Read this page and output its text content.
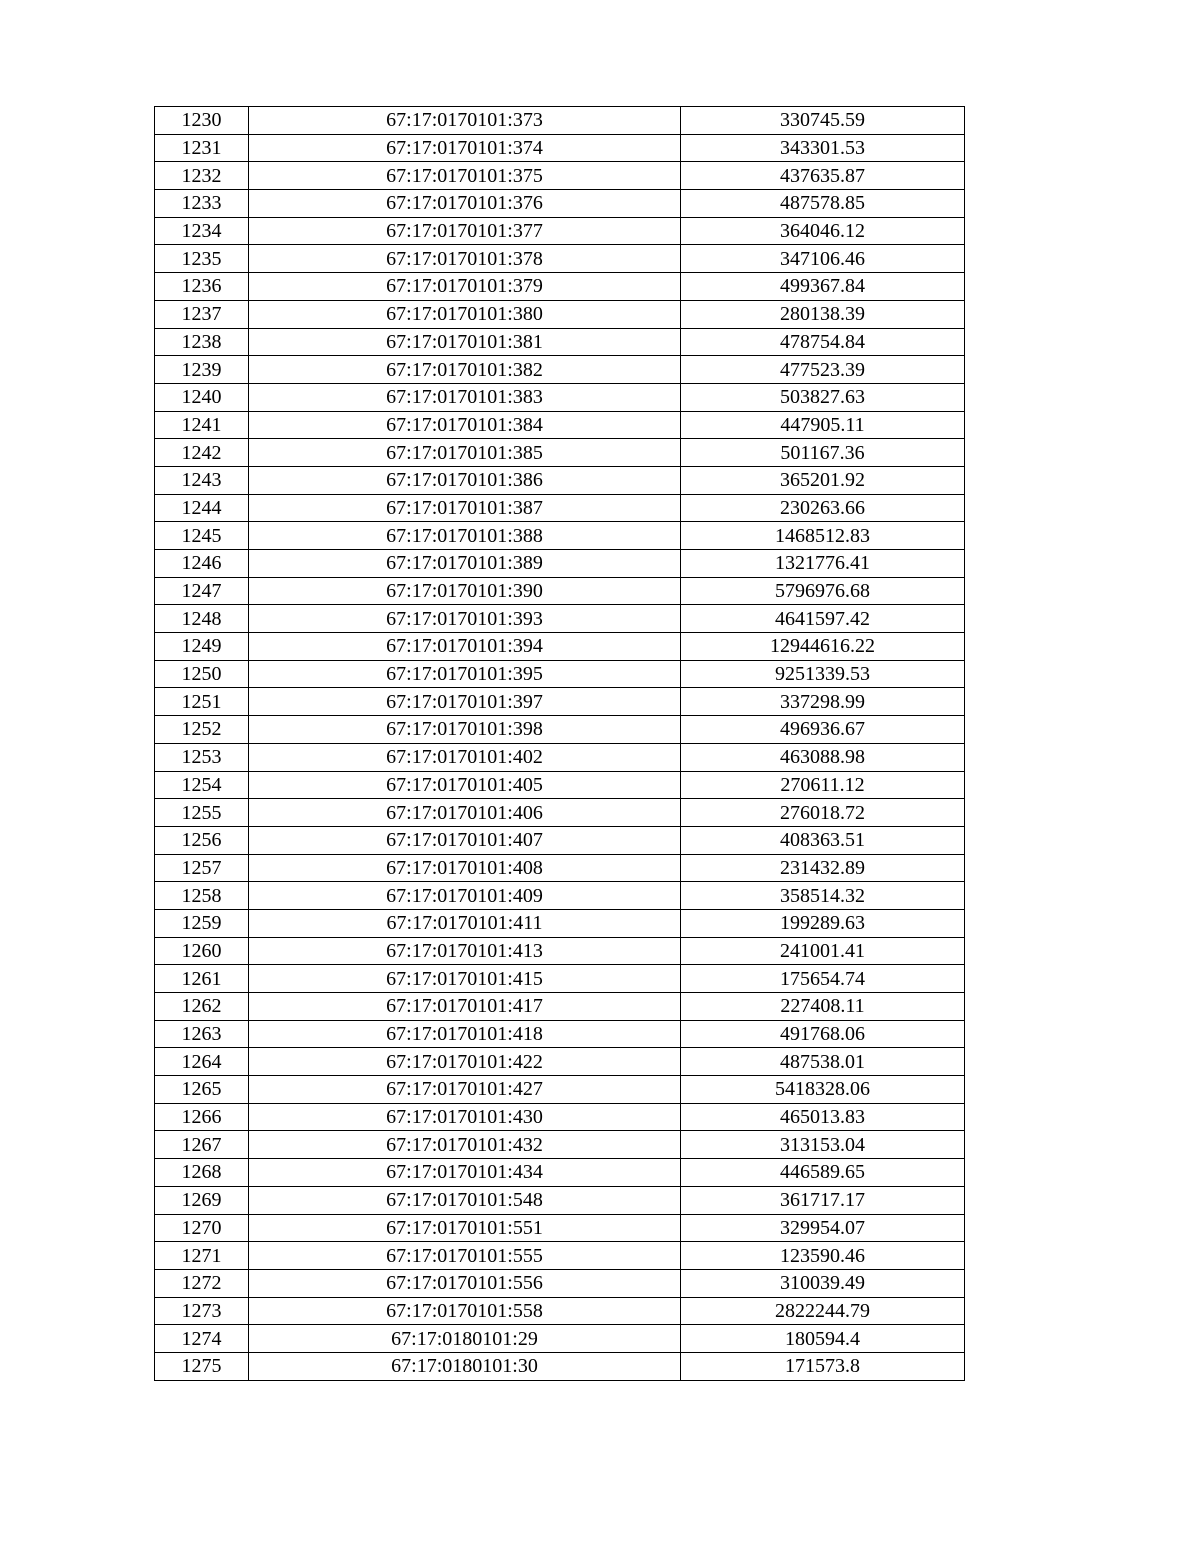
1230	67:17:0170101:373	330745.59
1231	67:17:0170101:374	343301.53
1232	67:17:0170101:375	437635.87
1233	67:17:0170101:376	487578.85
1234	67:17:0170101:377	364046.12
1235	67:17:0170101:378	347106.46
1236	67:17:0170101:379	499367.84
1237	67:17:0170101:380	280138.39
1238	67:17:0170101:381	478754.84
1239	67:17:0170101:382	477523.39
1240	67:17:0170101:383	503827.63
1241	67:17:0170101:384	447905.11
1242	67:17:0170101:385	501167.36
1243	67:17:0170101:386	365201.92
1244	67:17:0170101:387	230263.66
1245	67:17:0170101:388	1468512.83
1246	67:17:0170101:389	1321776.41
1247	67:17:0170101:390	5796976.68
1248	67:17:0170101:393	4641597.42
1249	67:17:0170101:394	12944616.22
1250	67:17:0170101:395	9251339.53
1251	67:17:0170101:397	337298.99
1252	67:17:0170101:398	496936.67
1253	67:17:0170101:402	463088.98
1254	67:17:0170101:405	270611.12
1255	67:17:0170101:406	276018.72
1256	67:17:0170101:407	408363.51
1257	67:17:0170101:408	231432.89
1258	67:17:0170101:409	358514.32
1259	67:17:0170101:411	199289.63
1260	67:17:0170101:413	241001.41
1261	67:17:0170101:415	175654.74
1262	67:17:0170101:417	227408.11
1263	67:17:0170101:418	491768.06
1264	67:17:0170101:422	487538.01
1265	67:17:0170101:427	5418328.06
1266	67:17:0170101:430	465013.83
1267	67:17:0170101:432	313153.04
1268	67:17:0170101:434	446589.65
1269	67:17:0170101:548	361717.17
1270	67:17:0170101:551	329954.07
1271	67:17:0170101:555	123590.46
1272	67:17:0170101:556	310039.49
1273	67:17:0170101:558	2822244.79
1274	67:17:0180101:29	180594.4
1275	67:17:0180101:30	171573.8
